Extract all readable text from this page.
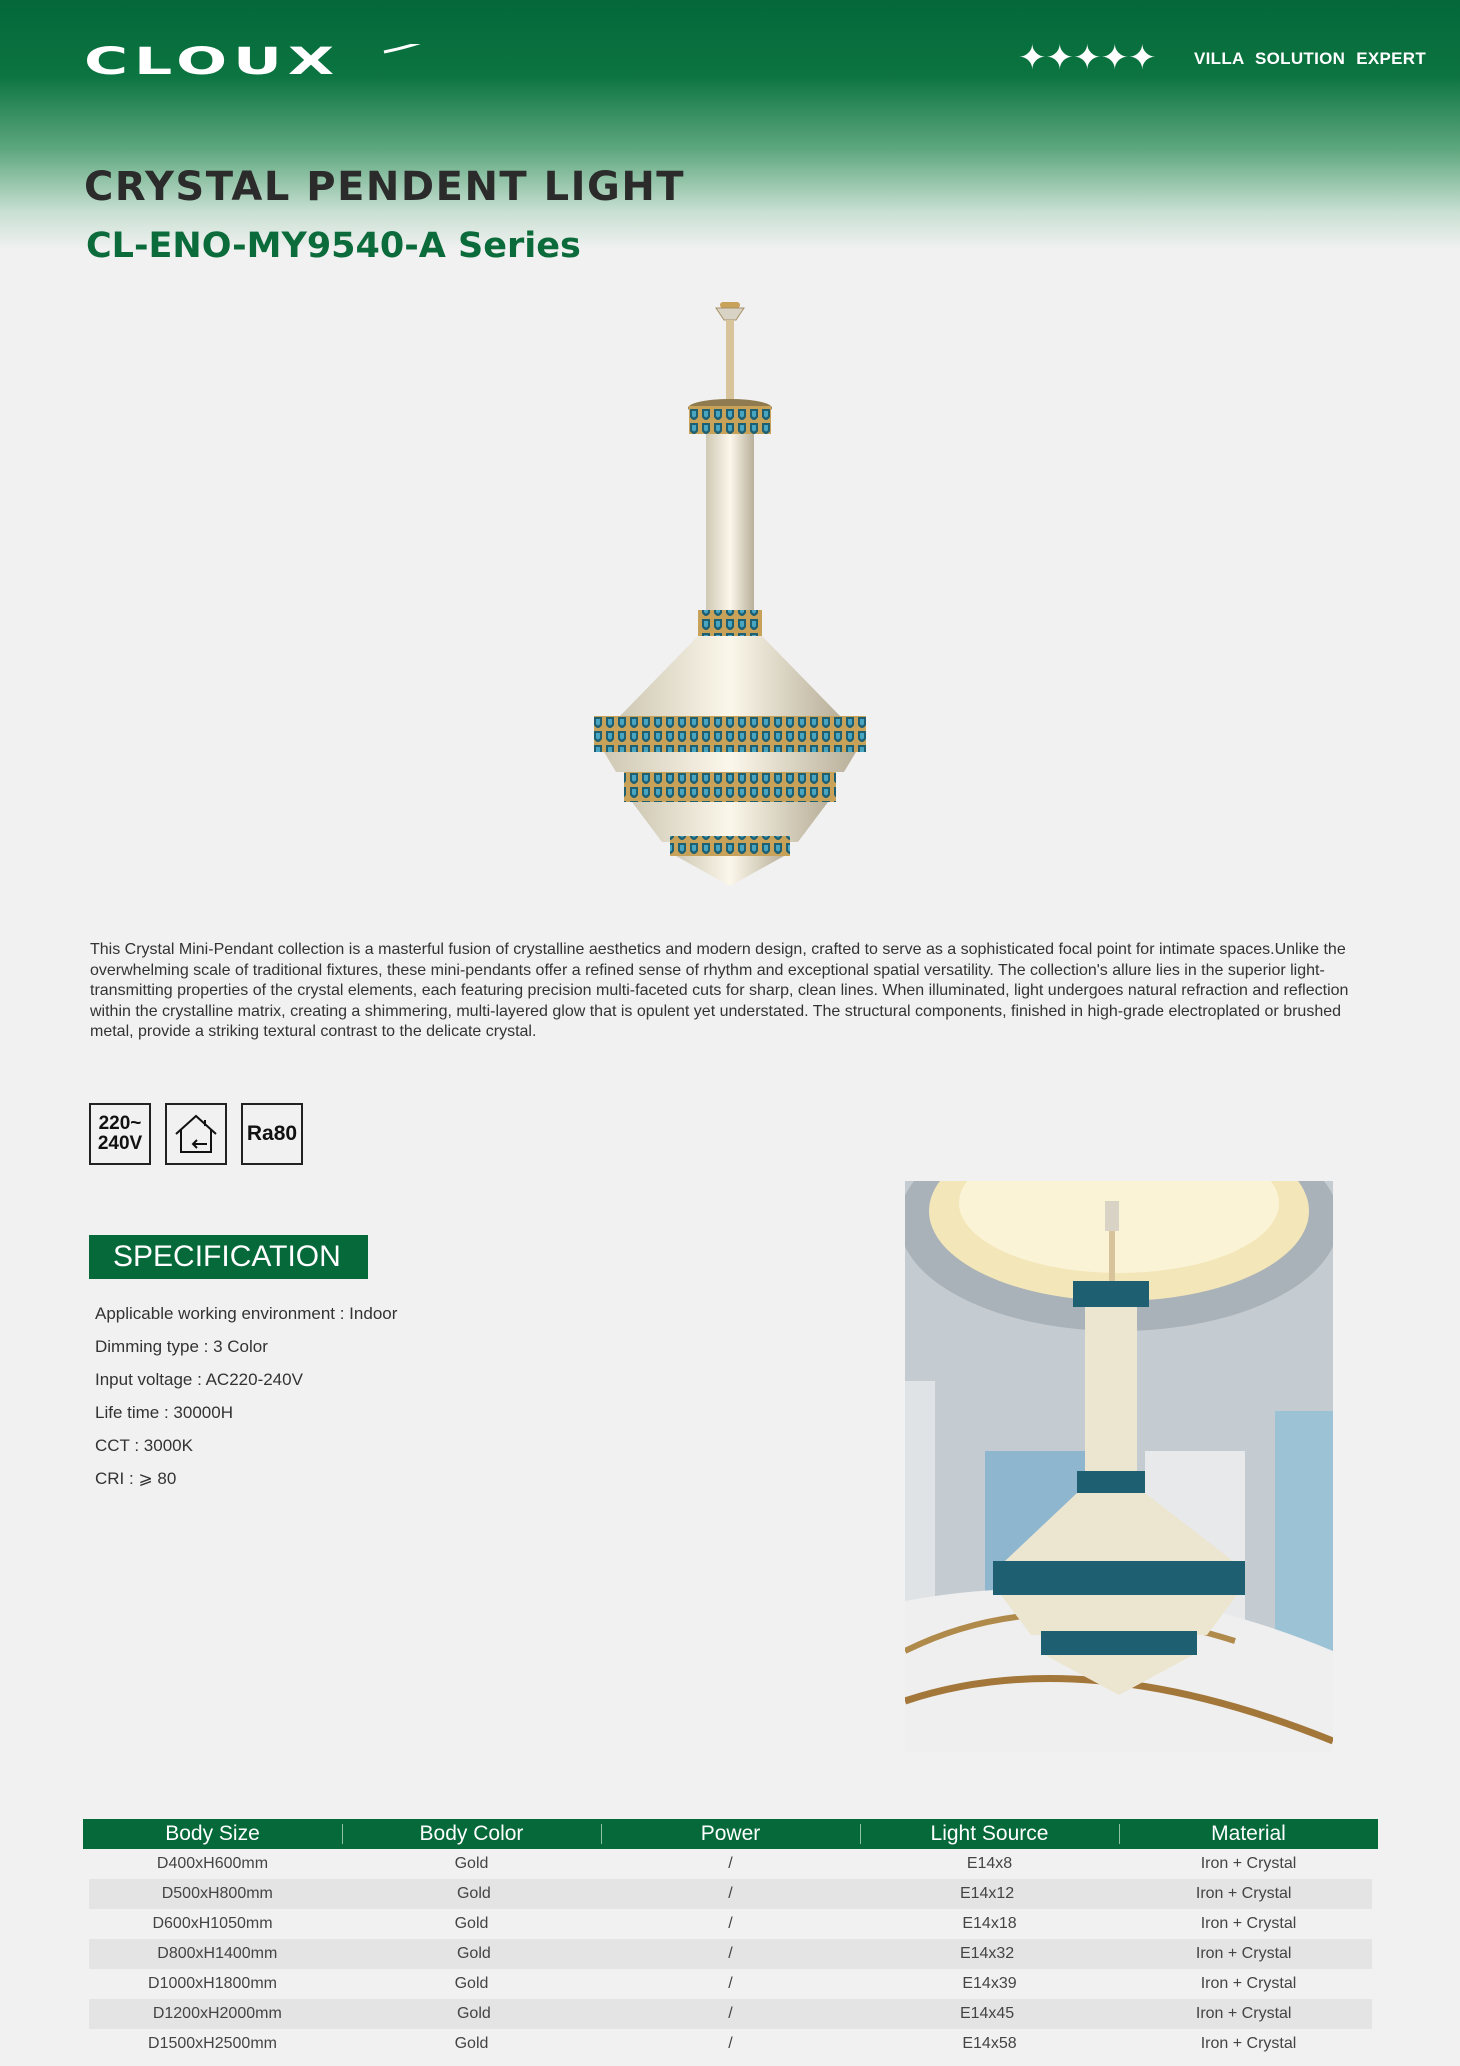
CLOUX	✦✦✦✦✦ VILLA SOLUTION EXPERT
CRYSTAL PENDENT LIGHT
CL-ENO-MY9540-A Series

This Crystal Mini-Pendant collection is a masterful fusion of crystalline aesthetics and modern design, crafted to serve as a sophisticated focal point for intimate spaces.Unlike the overwhelming scale of traditional fixtures, these mini-pendants offer a refined sense of rhythm and exceptional spatial versatility. The collection's allure lies in the superior light-transmitting properties of the crystal elements, each featuring precision multi-faceted cuts for sharp, clean lines. When illuminated, light undergoes natural refraction and reflection within the crystalline matrix, creating a shimmering, multi-layered glow that is opulent yet understated. The structural components, finished in high-grade electroplated or brushed metal, provide a striking textural contrast to the delicate crystal.

220~
240V	Ra80
SPECIFICATION
Applicable working environment : Indoor
Dimming type : 3 Color
Input voltage : AC220-240V
Life time : 30000H
CCT : 3000K
CRI : ⩾ 80
Body Size	Body Color	Power	Light Source	Material
D400xH600mm	Gold	/	E14x8	Iron + Crystal
D500xH800mm	Gold	/	E14x12	Iron + Crystal
D600xH1050mm	Gold	/	E14x18	Iron + Crystal
D800xH1400mm	Gold	/	E14x32	Iron + Crystal
D1000xH1800mm	Gold	/	E14x39	Iron + Crystal
D1200xH2000mm	Gold	/	E14x45	Iron + Crystal
D1500xH2500mm	Gold	/	E14x58	Iron + Crystal
